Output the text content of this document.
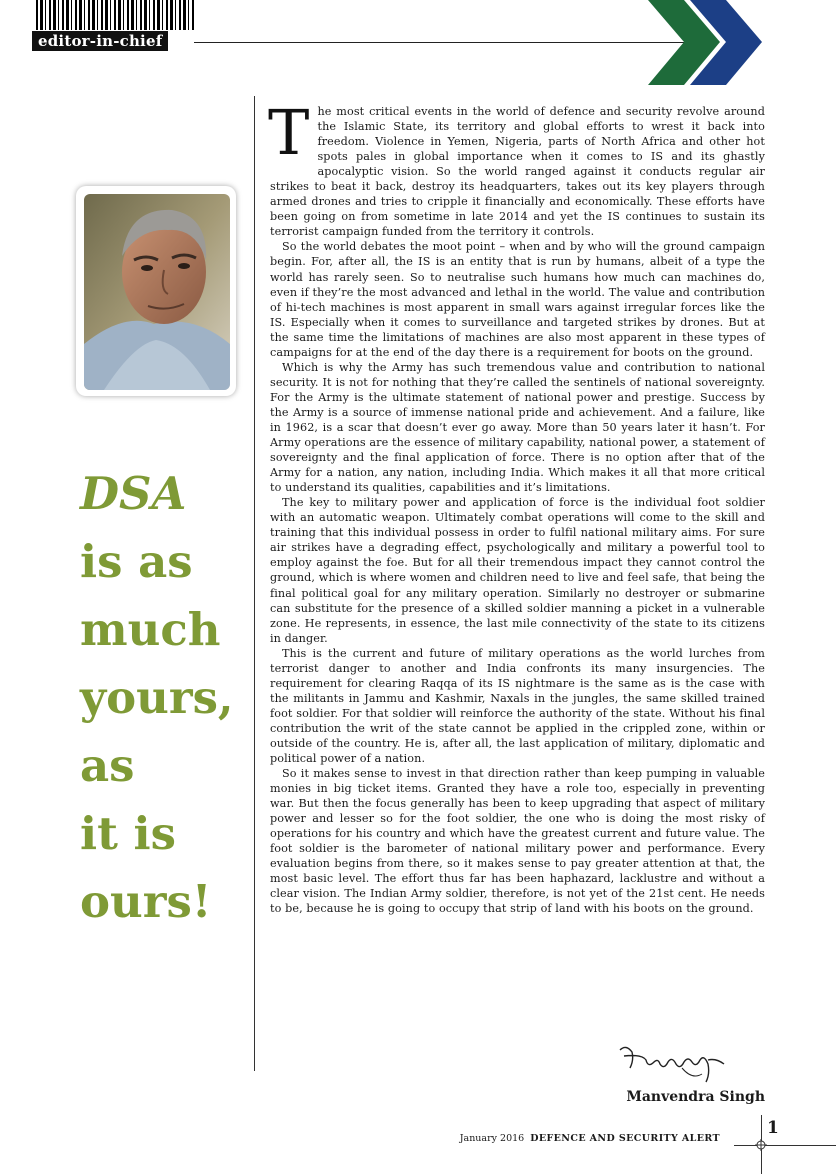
editor-in-chief
DSA
is as
much
yours,
as
it is
ours!

The most critical events in the world of defence and security revolve around the Islamic State, its territory and global efforts to wrest it back into freedom. Violence in Yemen, Nigeria, parts of North Africa and other hot spots pales in global importance when it comes to IS and its ghastly apocalyptic vision. So the world ranged against it conducts regular air strikes to beat it back, destroy its headquarters, takes out its key players through armed drones and tries to cripple it financially and economically. These efforts have been going on from sometime in late 2014 and yet the IS continues to sustain its terrorist campaign funded from the territory it controls.

So the world debates the moot point – when and by who will the ground campaign begin. For, after all, the IS is an entity that is run by humans, albeit of a type the world has rarely seen. So to neutralise such humans how much can machines do, even if they’re the most advanced and lethal in the world. The value and contribution of hi-tech machines is most apparent in small wars against irregular forces like the IS. Especially when it comes to surveillance and targeted strikes by drones. But at the same time the limitations of machines are also most apparent in these types of campaigns for at the end of the day there is a requirement for boots on the ground.

Which is why the Army has such tremendous value and contribution to national security. It is not for nothing that they’re called the sentinels of national sovereignty. For the Army is the ultimate statement of national power and prestige. Success by the Army is a source of immense national pride and achievement. And a failure, like in 1962, is a scar that doesn’t ever go away. More than 50 years later it hasn’t. For Army operations are the essence of military capability, national power, a statement of sovereignty and the final application of force. There is no option after that of the Army for a nation, any nation, including India. Which makes it all that more critical to understand its qualities, capabilities and it’s limitations.

The key to military power and application of force is the individual foot soldier with an automatic weapon. Ultimately combat operations will come to the skill and training that this individual possess in order to fulfil national military aims. For sure air strikes have a degrading effect, psychologically and military a powerful tool to employ against the foe. But for all their tremendous impact they cannot control the ground, which is where women and children need to live and feel safe, that being the final political goal for any military operation. Similarly no destroyer or submarine can substitute for the presence of a skilled soldier manning a picket in a vulnerable zone. He represents, in essence, the last mile connectivity of the state to its citizens in danger.

This is the current and future of military operations as the world lurches from terrorist danger to another and India confronts its many insurgencies. The requirement for clearing Raqqa of its IS nightmare is the same as is the case with the militants in Jammu and Kashmir, Naxals in the jungles, the same skilled trained foot soldier. For that soldier will reinforce the authority of the state. Without his final contribution the writ of the state cannot be applied in the crippled zone, within or outside of the country. He is, after all, the last application of military, diplomatic and political power of a nation.

So it makes sense to invest in that direction rather than keep pumping in valuable monies in big ticket items. Granted they have a role too, especially in preventing war. But then the focus generally has been to keep upgrading that aspect of military power and lesser so for the foot soldier, the one who is doing the most risky of operations for his country and which have the greatest current and future value. The foot soldier is the barometer of national military power and performance. Every evaluation begins from there, so it makes sense to pay greater attention at that, the most basic level. The effort thus far has been haphazard, lacklustre and without a clear vision. The Indian Army soldier, therefore, is not yet of the 21st cent. He needs to be, because he is going to occupy that strip of land with his boots on the ground.

Manvendra Singh
January 2016 DEFENCE AND SECURITY ALERT
1
